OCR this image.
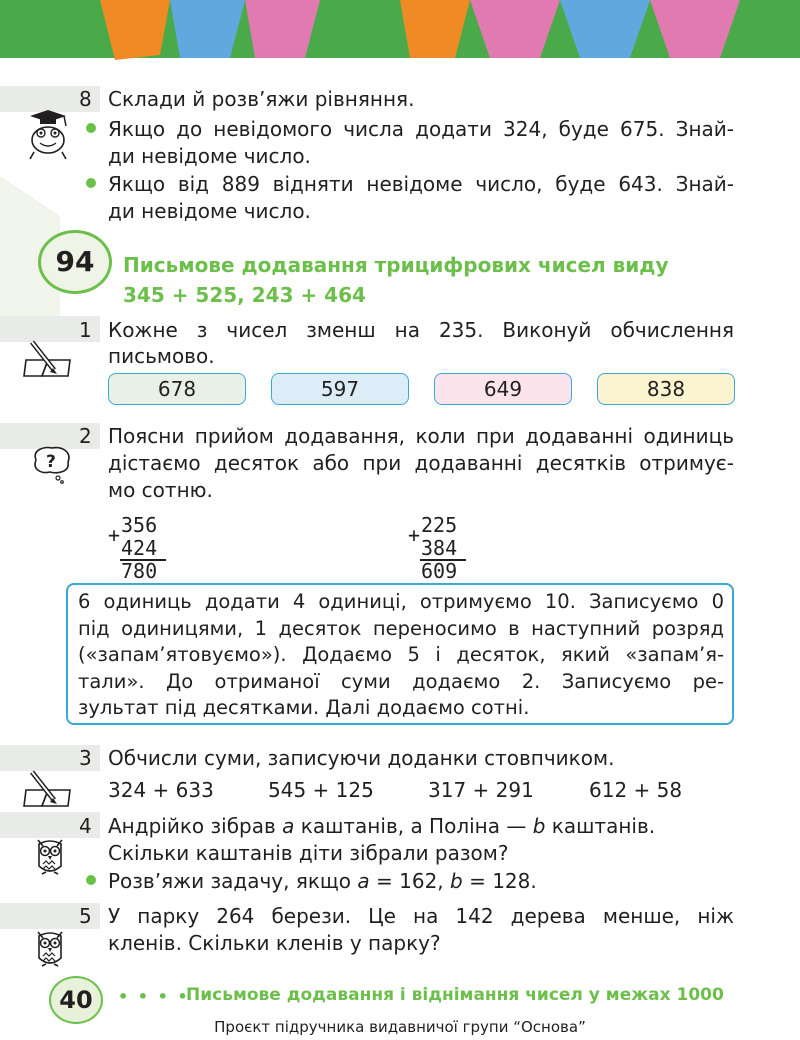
8 Склади й розв’яжи рівняння.
Якщо до невідомого числа додати 324, буде 675. Знай-
ди невідоме число.
Якщо від 889 відняти невідоме число, буде 643. Знай-
ди невідоме число.
94	Письмове додавання трицифрових чисел виду
345 + 525, 243 + 464
1 Кожне з чисел зменш на 235. Виконуй обчислення
письмово.
678	597	649	838
2 Поясни прийом додавання, коли при додаванні одиниць
дістаємо десяток або при додаванні десятків отримує-
мо сотню.
?
+ 356
424
780
+ 225
384
609
6 одиниць додати 4 одиниці, отримуємо 10. Записуємо 0
під одиницями, 1 десяток переносимо в наступний розряд
(«запам’ятовуємо»). Додаємо 5 і десяток, який «запам’я-
тали». До отриманої суми додаємо 2. Записуємо ре-
зультат під десятками. Далі додаємо сотні.
3 Обчисли суми, записуючи доданки стовпчиком.
324 + 633	545 + 125	317 + 291	612 + 58
4 Андрійко зібрав a каштанів, а Поліна — b каштанів.
Скільки каштанів діти зібрали разом?
Розв’яжи задачу, якщо a = 162, b = 128.
5 У парку 264 берези. Це на 142 дерева менше, ніж
кленів. Скільки кленів у парку?
40	• • • •
Письмове додавання і віднімання чисел у межах 1000
Проєкт підручника видавничої групи “Основа”
